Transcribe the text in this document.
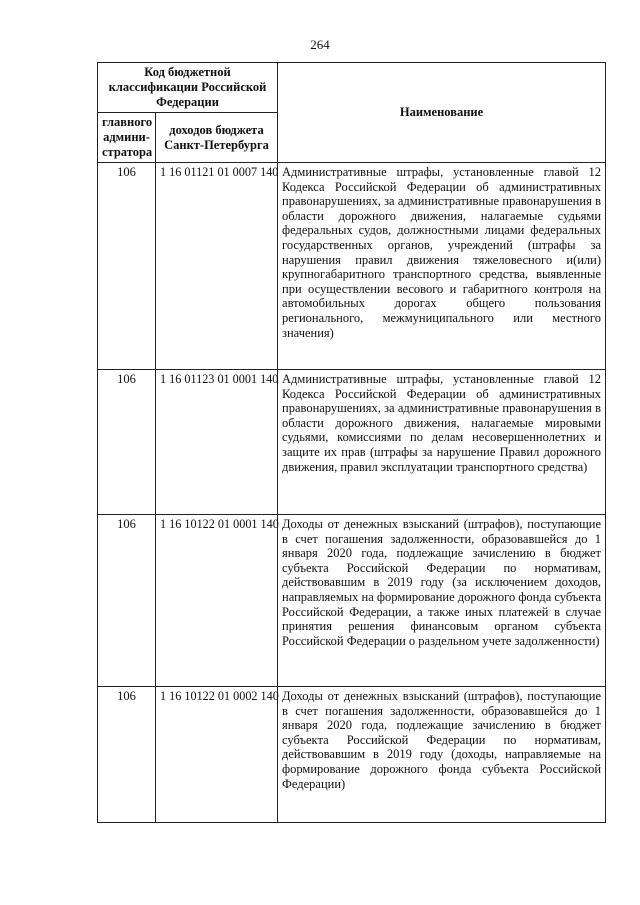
264
Код бюджетной классификации Российской Федерации		Наименование
главного админи-стратора	доходов бюджета Санкт-Петербурга	
106	1 16 01121 01 0007 140	Административные штрафы, установленные главой 12 Кодекса Российской Федерации об административных правонарушениях, за административные правонарушения в области дорожного движения, налагаемые судьями федеральных судов, должностными лицами федеральных государственных органов, учреждений (штрафы за нарушения правил движения тяжеловесного и(или) крупногабаритного транспортного средства, выявленные при осуществлении весового и габаритного контроля на автомобильных дорогах общего пользования регионального, межмуниципального или местного значения)
106	1 16 01123 01 0001 140	Административные штрафы, установленные главой 12 Кодекса Российской Федерации об административных правонарушениях, за административные правонарушения в области дорожного движения, налагаемые мировыми судьями, комиссиями по делам несовершеннолетних и защите их прав (штрафы за нарушение Правил дорожного движения, правил эксплуатации транспортного средства)
106	1 16 10122 01 0001 140	Доходы от денежных взысканий (штрафов), поступающие в счет погашения задолженности, образовавшейся до 1 января 2020 года, подлежащие зачислению в бюджет субъекта Российской Федерации по нормативам, действовавшим в 2019 году (за исключением доходов, направляемых на формирование дорожного фонда субъекта Российской Федерации, а также иных платежей в случае принятия решения финансовым органом субъекта Российской Федерации о раздельном учете задолженности)
106	1 16 10122 01 0002 140	Доходы от денежных взысканий (штрафов), поступающие в счет погашения задолженности, образовавшейся до 1 января 2020 года, подлежащие зачислению в бюджет субъекта Российской Федерации по нормативам, действовавшим в 2019 году (доходы, направляемые на формирование дорожного фонда субъекта Российской Федерации)
